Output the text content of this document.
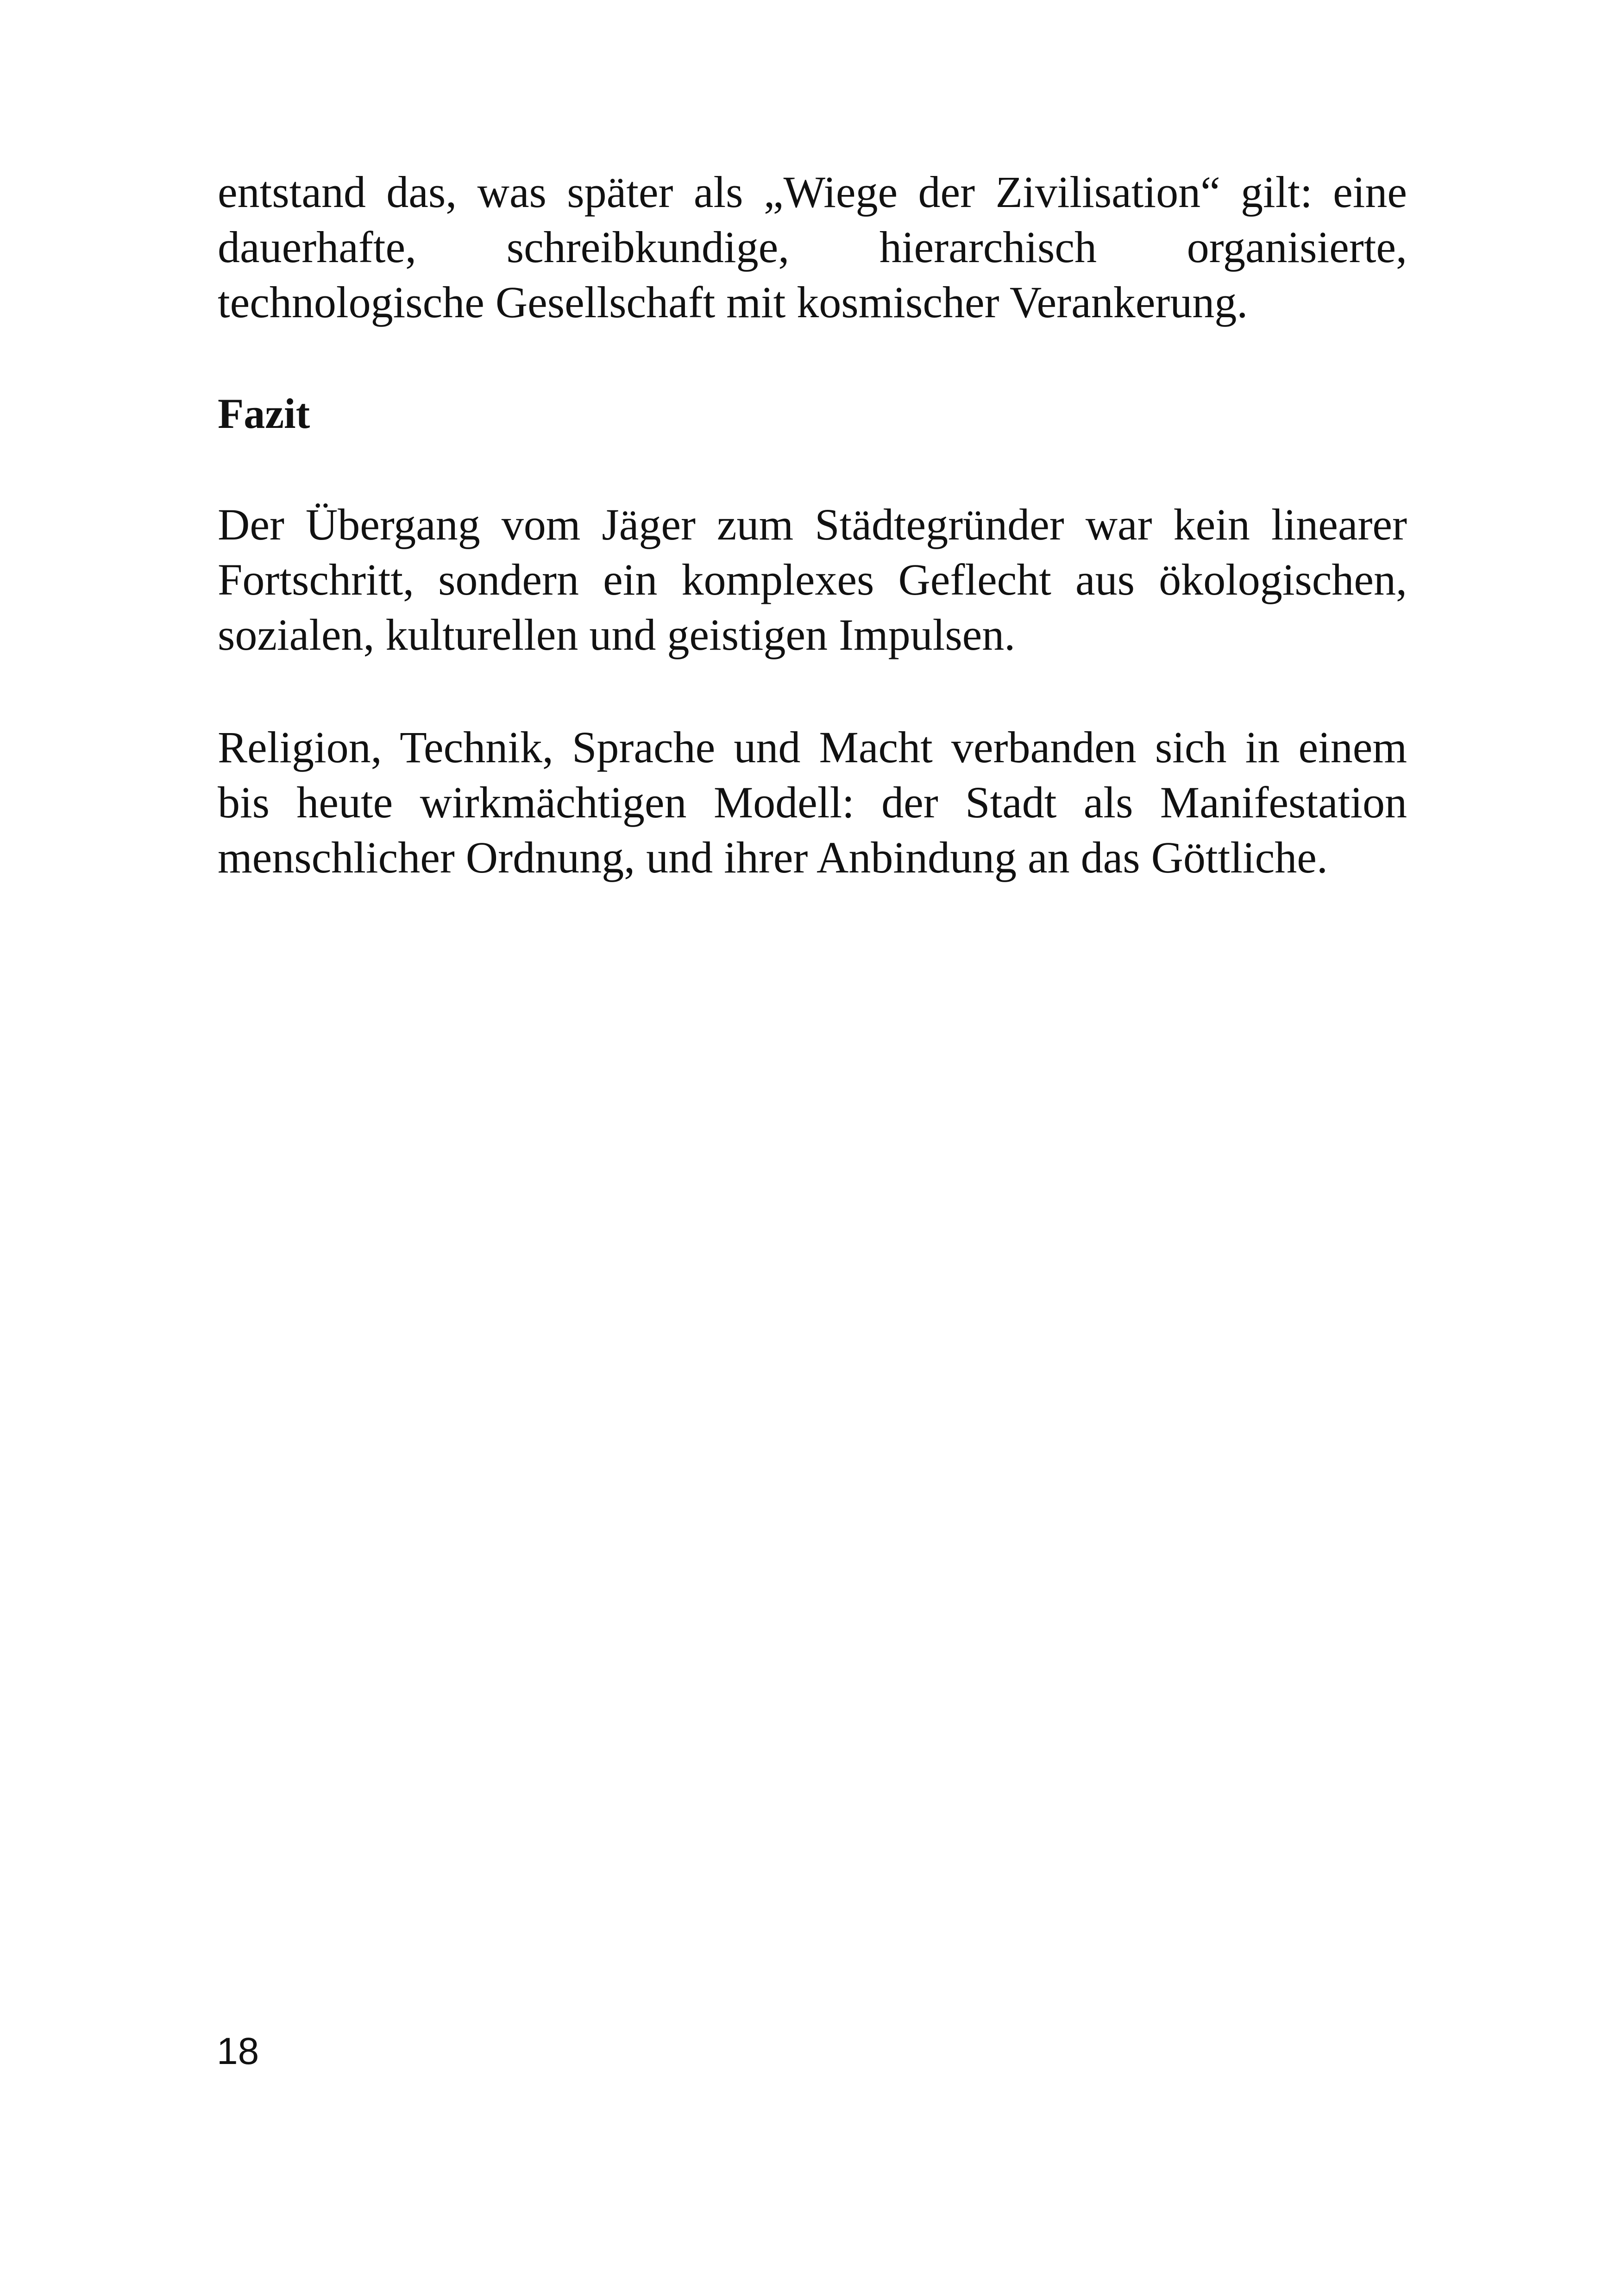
entstand das, was später als „Wiege der Zivilisation“ gilt: eine dauerhafte, schreibkundige, hierarchisch organisierte, technologische Gesellschaft mit kosmischer Verankerung.

Fazit

Der Übergang vom Jäger zum Städtegründer war kein linearer Fortschritt, sondern ein komplexes Geflecht aus ökologischen, sozialen, kulturellen und geistigen Impulsen.

Religion, Technik, Sprache und Macht verbanden sich in einem bis heute wirkmächtigen Modell: der Stadt als Manifestation menschlicher Ordnung, und ihrer Anbindung an das Göttliche.

18
